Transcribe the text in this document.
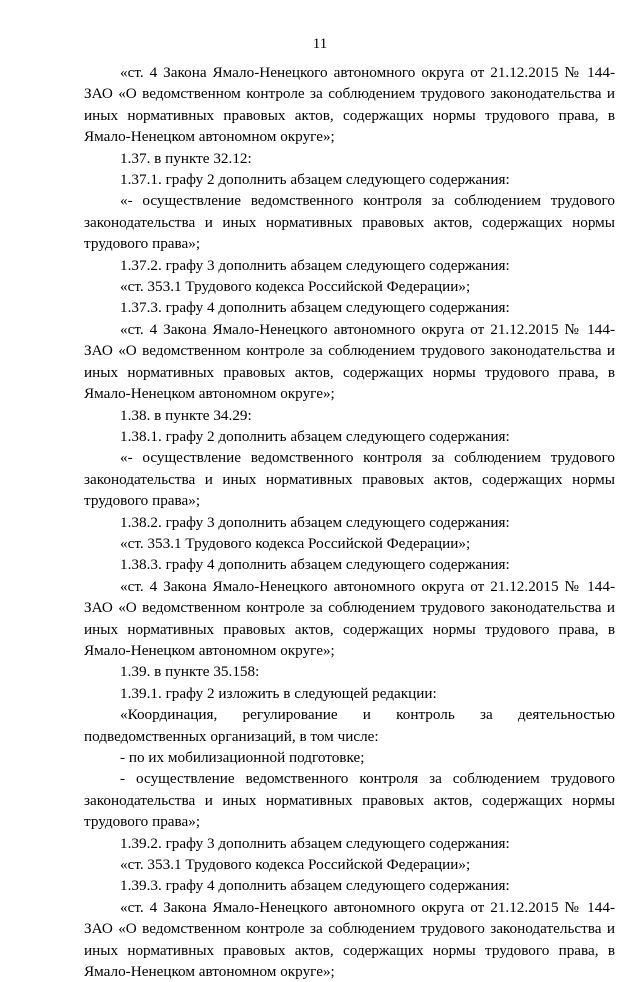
11

«ст. 4 Закона Ямало-Ненецкого автономного округа от 21.12.2015 № 144-ЗАО «О ведомственном контроле за соблюдением трудового законодательства и иных нормативных правовых актов, содержащих нормы трудового права, в Ямало-Ненецком автономном округе»;

1.37. в пункте 32.12:

1.37.1. графу 2 дополнить абзацем следующего содержания:

«- осуществление ведомственного контроля за соблюдением трудового законодательства и иных нормативных правовых актов, содержащих нормы трудового права»;

1.37.2. графу 3 дополнить абзацем следующего содержания:

«ст. 353.1 Трудового кодекса Российской Федерации»;

1.37.3. графу 4 дополнить абзацем следующего содержания:

«ст. 4 Закона Ямало-Ненецкого автономного округа от 21.12.2015 № 144-ЗАО «О ведомственном контроле за соблюдением трудового законодательства и иных нормативных правовых актов, содержащих нормы трудового права, в Ямало-Ненецком автономном округе»;

1.38. в пункте 34.29:

1.38.1. графу 2 дополнить абзацем следующего содержания:

«- осуществление ведомственного контроля за соблюдением трудового законодательства и иных нормативных правовых актов, содержащих нормы трудового права»;

1.38.2. графу 3 дополнить абзацем следующего содержания:

«ст. 353.1 Трудового кодекса Российской Федерации»;

1.38.3. графу 4 дополнить абзацем следующего содержания:

«ст. 4 Закона Ямало-Ненецкого автономного округа от 21.12.2015 № 144-ЗАО «О ведомственном контроле за соблюдением трудового законодательства и иных нормативных правовых актов, содержащих нормы трудового права, в Ямало-Ненецком автономном округе»;

1.39. в пункте 35.158:

1.39.1. графу 2 изложить в следующей редакции:

«Координация, регулирование и контроль за деятельностью подведомственных организаций, в том числе:

- по их мобилизационной подготовке;

- осуществление ведомственного контроля за соблюдением трудового законодательства и иных нормативных правовых актов, содержащих нормы трудового права»;

1.39.2. графу 3 дополнить абзацем следующего содержания:

«ст. 353.1 Трудового кодекса Российской Федерации»;

1.39.3. графу 4 дополнить абзацем следующего содержания:

«ст. 4 Закона Ямало-Ненецкого автономного округа от 21.12.2015 № 144-ЗАО «О ведомственном контроле за соблюдением трудового законодательства и иных нормативных правовых актов, содержащих нормы трудового права, в Ямало-Ненецком автономном округе»;
